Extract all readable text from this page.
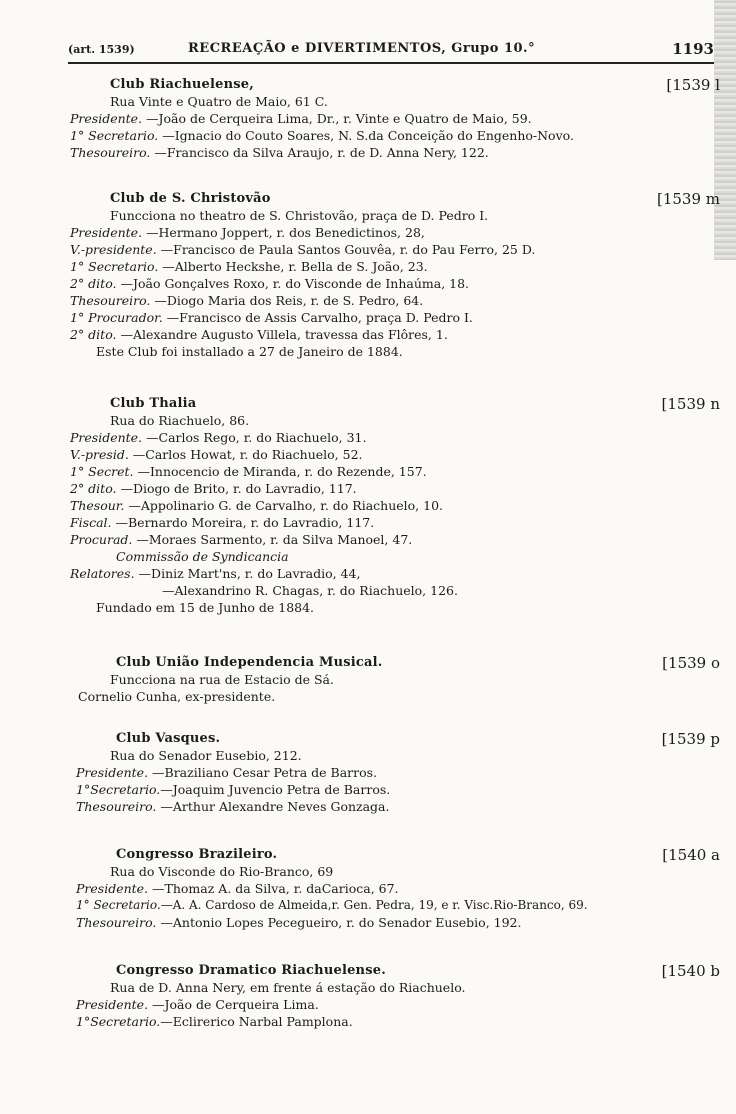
(art. 1539)	RECREAÇÃO e DIVERTIMENTOS, Grupo 10.°	1193
Club Riachuelense,	[1539 l
Rua Vinte e Quatro de Maio, 61 C.
Presidente. —João de Cerqueira Lima, Dr., r. Vinte e Quatro de Maio, 59.
1° Secretario. —Ignacio do Couto Soares, N. S.da Conceição do Engenho-Novo.
Thesoureiro. —Francisco da Silva Araujo, r. de D. Anna Nery, 122.
Club de S. Christovão	[1539 m
Funcciona no theatro de S. Christovão, praça de D. Pedro I.
Presidente. —Hermano Joppert, r. dos Benedictinos, 28,
V.-presidente. —Francisco de Paula Santos Gouvêa, r. do Pau Ferro, 25 D.
1° Secretario. —Alberto Heckshe, r. Bella de S. João, 23.
2° dito. —João Gonçalves Roxo, r. do Visconde de Inhaúma, 18.
Thesoureiro. —Diogo Maria dos Reis, r. de S. Pedro, 64.
1° Procurador. —Francisco de Assis Carvalho, praça D. Pedro I.
2° dito. —Alexandre Augusto Villela, travessa das Flôres, 1.
Este Club foi installado a 27 de Janeiro de 1884.
Club Thalia	[1539 n
Rua do Riachuelo, 86.
Presidente. —Carlos Rego, r. do Riachuelo, 31.
V.-presid. —Carlos Howat, r. do Riachuelo, 52.
1° Secret. —Innocencio de Miranda, r. do Rezende, 157.
2° dito. —Diogo de Brito, r. do Lavradio, 117.
Thesour. —Appolinario G. de Carvalho, r. do Riachuelo, 10.
Fiscal. —Bernardo Moreira, r. do Lavradio, 117.
Procurad. —Moraes Sarmento, r. da Silva Manoel, 47.
Commissão de Syndicancia
Relatores. —Diniz Mart'ns, r. do Lavradio, 44,
—Alexandrino R. Chagas, r. do Riachuelo, 126.
Fundado em 15 de Junho de 1884.
Club União Independencia Musical.	[1539 o
Funcciona na rua de Estacio de Sá.
Cornelio Cunha, ex-presidente.
Club Vasques.	[1539 p
Rua do Senador Eusebio, 212.
Presidente. —Braziliano Cesar Petra de Barros.
1°Secretario.—Joaquim Juvencio Petra de Barros.
Thesoureiro. —Arthur Alexandre Neves Gonzaga.
Congresso Brazileiro.	[1540 a
Rua do Visconde do Rio-Branco, 69
Presidente. —Thomaz A. da Silva, r. daCarioca, 67.
1° Secretario.—A. A. Cardoso de Almeida,r. Gen. Pedra, 19, e r. Visc.Rio-Branco, 69.
Thesoureiro. —Antonio Lopes Pecegueiro, r. do Senador Eusebio, 192.
Congresso Dramatico Riachuelense.	[1540 b
Rua de D. Anna Nery, em frente á estação do Riachuelo.
Presidente. —João de Cerqueira Lima.
1°Secretario.—Eclirerico Narbal Pamplona.
